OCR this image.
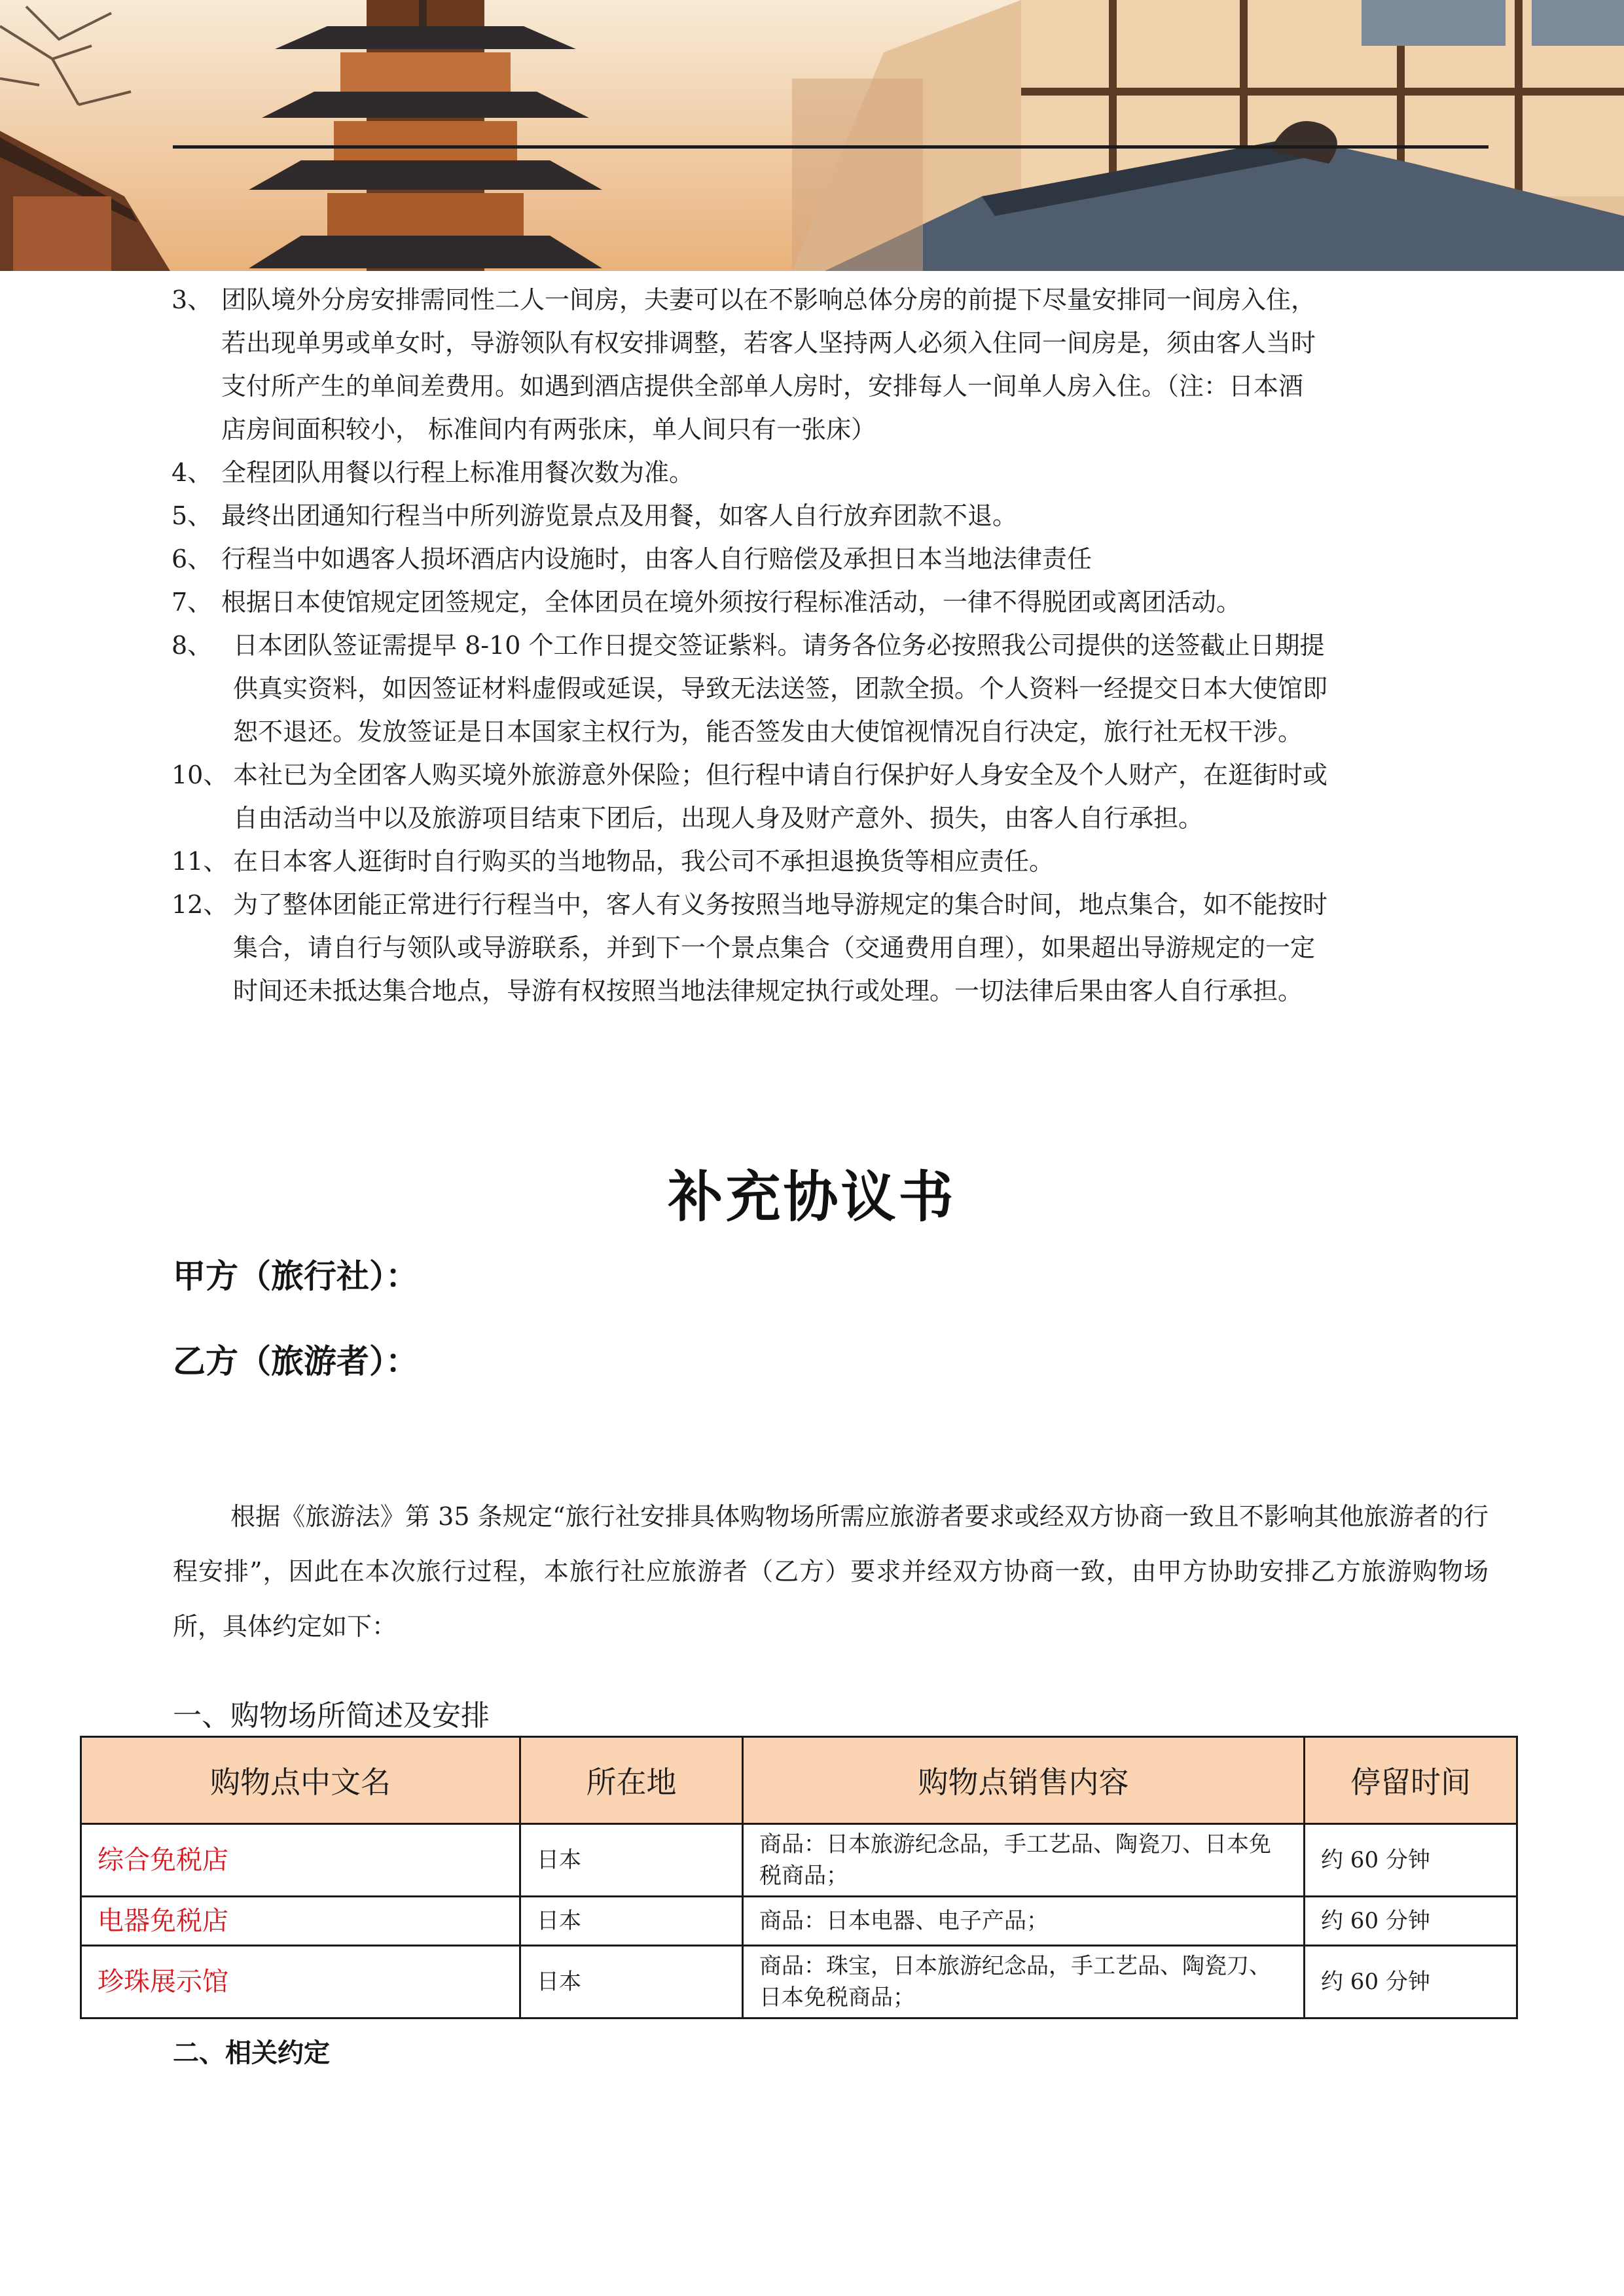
3、 团队境外分房安排需同性二人一间房，夫妻可以在不影响总体分房的前提下尽量安排同一间房入住，
若出现单男或单女时，导游领队有权安排调整，若客人坚持两人必须入住同一间房是，须由客人当时
支付所产生的单间差费用。如遇到酒店提供全部单人房时，安排每人一间单人房入住。（注：日本酒
店房间面积较小， 标准间内有两张床，单人间只有一张床）
4、 全程团队用餐以行程上标准用餐次数为准。
5、 最终出团通知行程当中所列游览景点及用餐，如客人自行放弃团款不退。
6、 行程当中如遇客人损坏酒店内设施时，由客人自行赔偿及承担日本当地法律责任
7、 根据日本使馆规定团签规定，全体团员在境外须按行程标准活动，一律不得脱团或离团活动。
8、 日本团队签证需提早 8-10 个工作日提交签证紫料。请务各位务必按照我公司提供的送签截止日期提
供真实资料，如因签证材料虚假或延误，导致无法送签，团款全损。个人资料一经提交日本大使馆即
恕不退还。发放签证是日本国家主权行为，能否签发由大使馆视情况自行决定，旅行社无权干涉。
10、 本社已为全团客人购买境外旅游意外保险；但行程中请自行保护好人身安全及个人财产，在逛街时或
自由活动当中以及旅游项目结束下团后，出现人身及财产意外、损失，由客人自行承担。
11、 在日本客人逛街时自行购买的当地物品，我公司不承担退换货等相应责任。
12、 为了整体团能正常进行行程当中，客人有义务按照当地导游规定的集合时间，地点集合，如不能按时
集合，请自行与领队或导游联系，并到下一个景点集合（交通费用自理），如果超出导游规定的一定
时间还未抵达集合地点，导游有权按照当地法律规定执行或处理。一切法律后果由客人自行承担。
补充协议书
甲方（旅行社）：
乙方（旅游者）：
根据《旅游法》第 35 条规定“旅行社安排具体购物场所需应旅游者要求或经双方协商一致且不影响其他旅游者的行程安排”，因此在本次旅行过程，本旅行社应旅游者（乙方）要求并经双方协商一致，由甲方协助安排乙方旅游购物场所，具体约定如下：
一、购物场所简述及安排
购物点中文名	所在地	购物点销售内容	停留时间
综合免税店	日本	商品：日本旅游纪念品，手工艺品、陶瓷刀、日本免税商品；	约 60 分钟
电器免税店	日本	商品：日本电器、电子产品；	约 60 分钟
珍珠展示馆	日本	商品：珠宝，日本旅游纪念品，手工艺品、陶瓷刀、日本免税商品；	约 60 分钟
二、相关约定
